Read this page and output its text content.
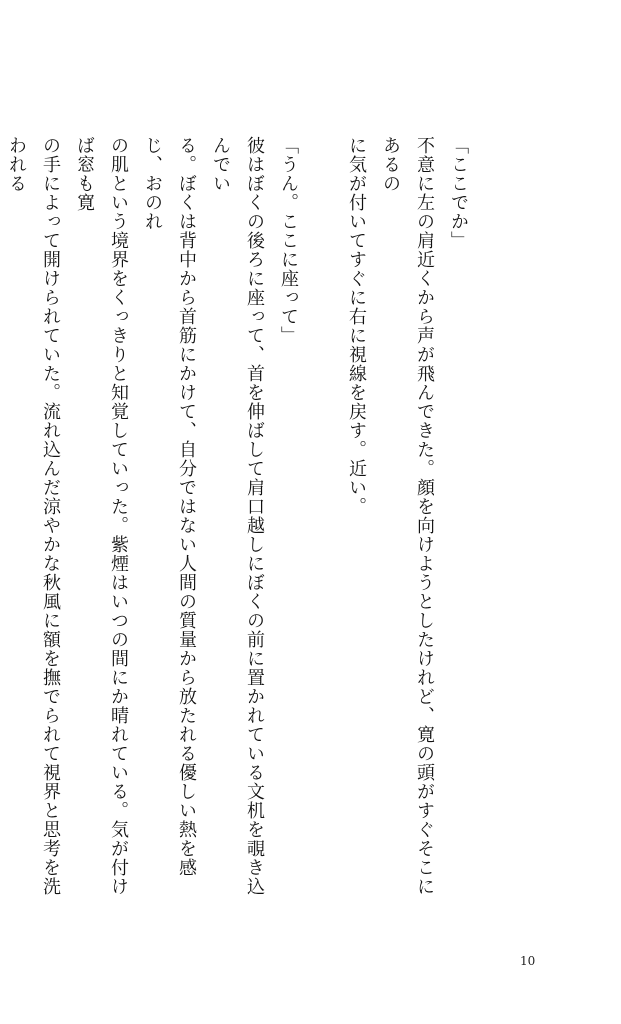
「ここでか」
不意に左の肩近くから声が飛んできた。顔を向けようとしたけれど、寛の頭がすぐそこにあるの
に気が付いてすぐに右に視線を戻す。近い。
「うん。ここに座って」
彼はぼくの後ろに座って、首を伸ばして肩口越しにぼくの前に置かれている文机を覗き込んでい
る。ぼくは背中から首筋にかけて、自分ではない人間の質量から放たれる優しい熱を感じ、おのれ
の肌という境界をくっきりと知覚していった。紫煙はいつの間にか晴れている。気が付けば窓も寛
の手によって開けられていた。流れ込んだ涼やかな秋風に額を撫でられて視界と思考を洗われる
10
